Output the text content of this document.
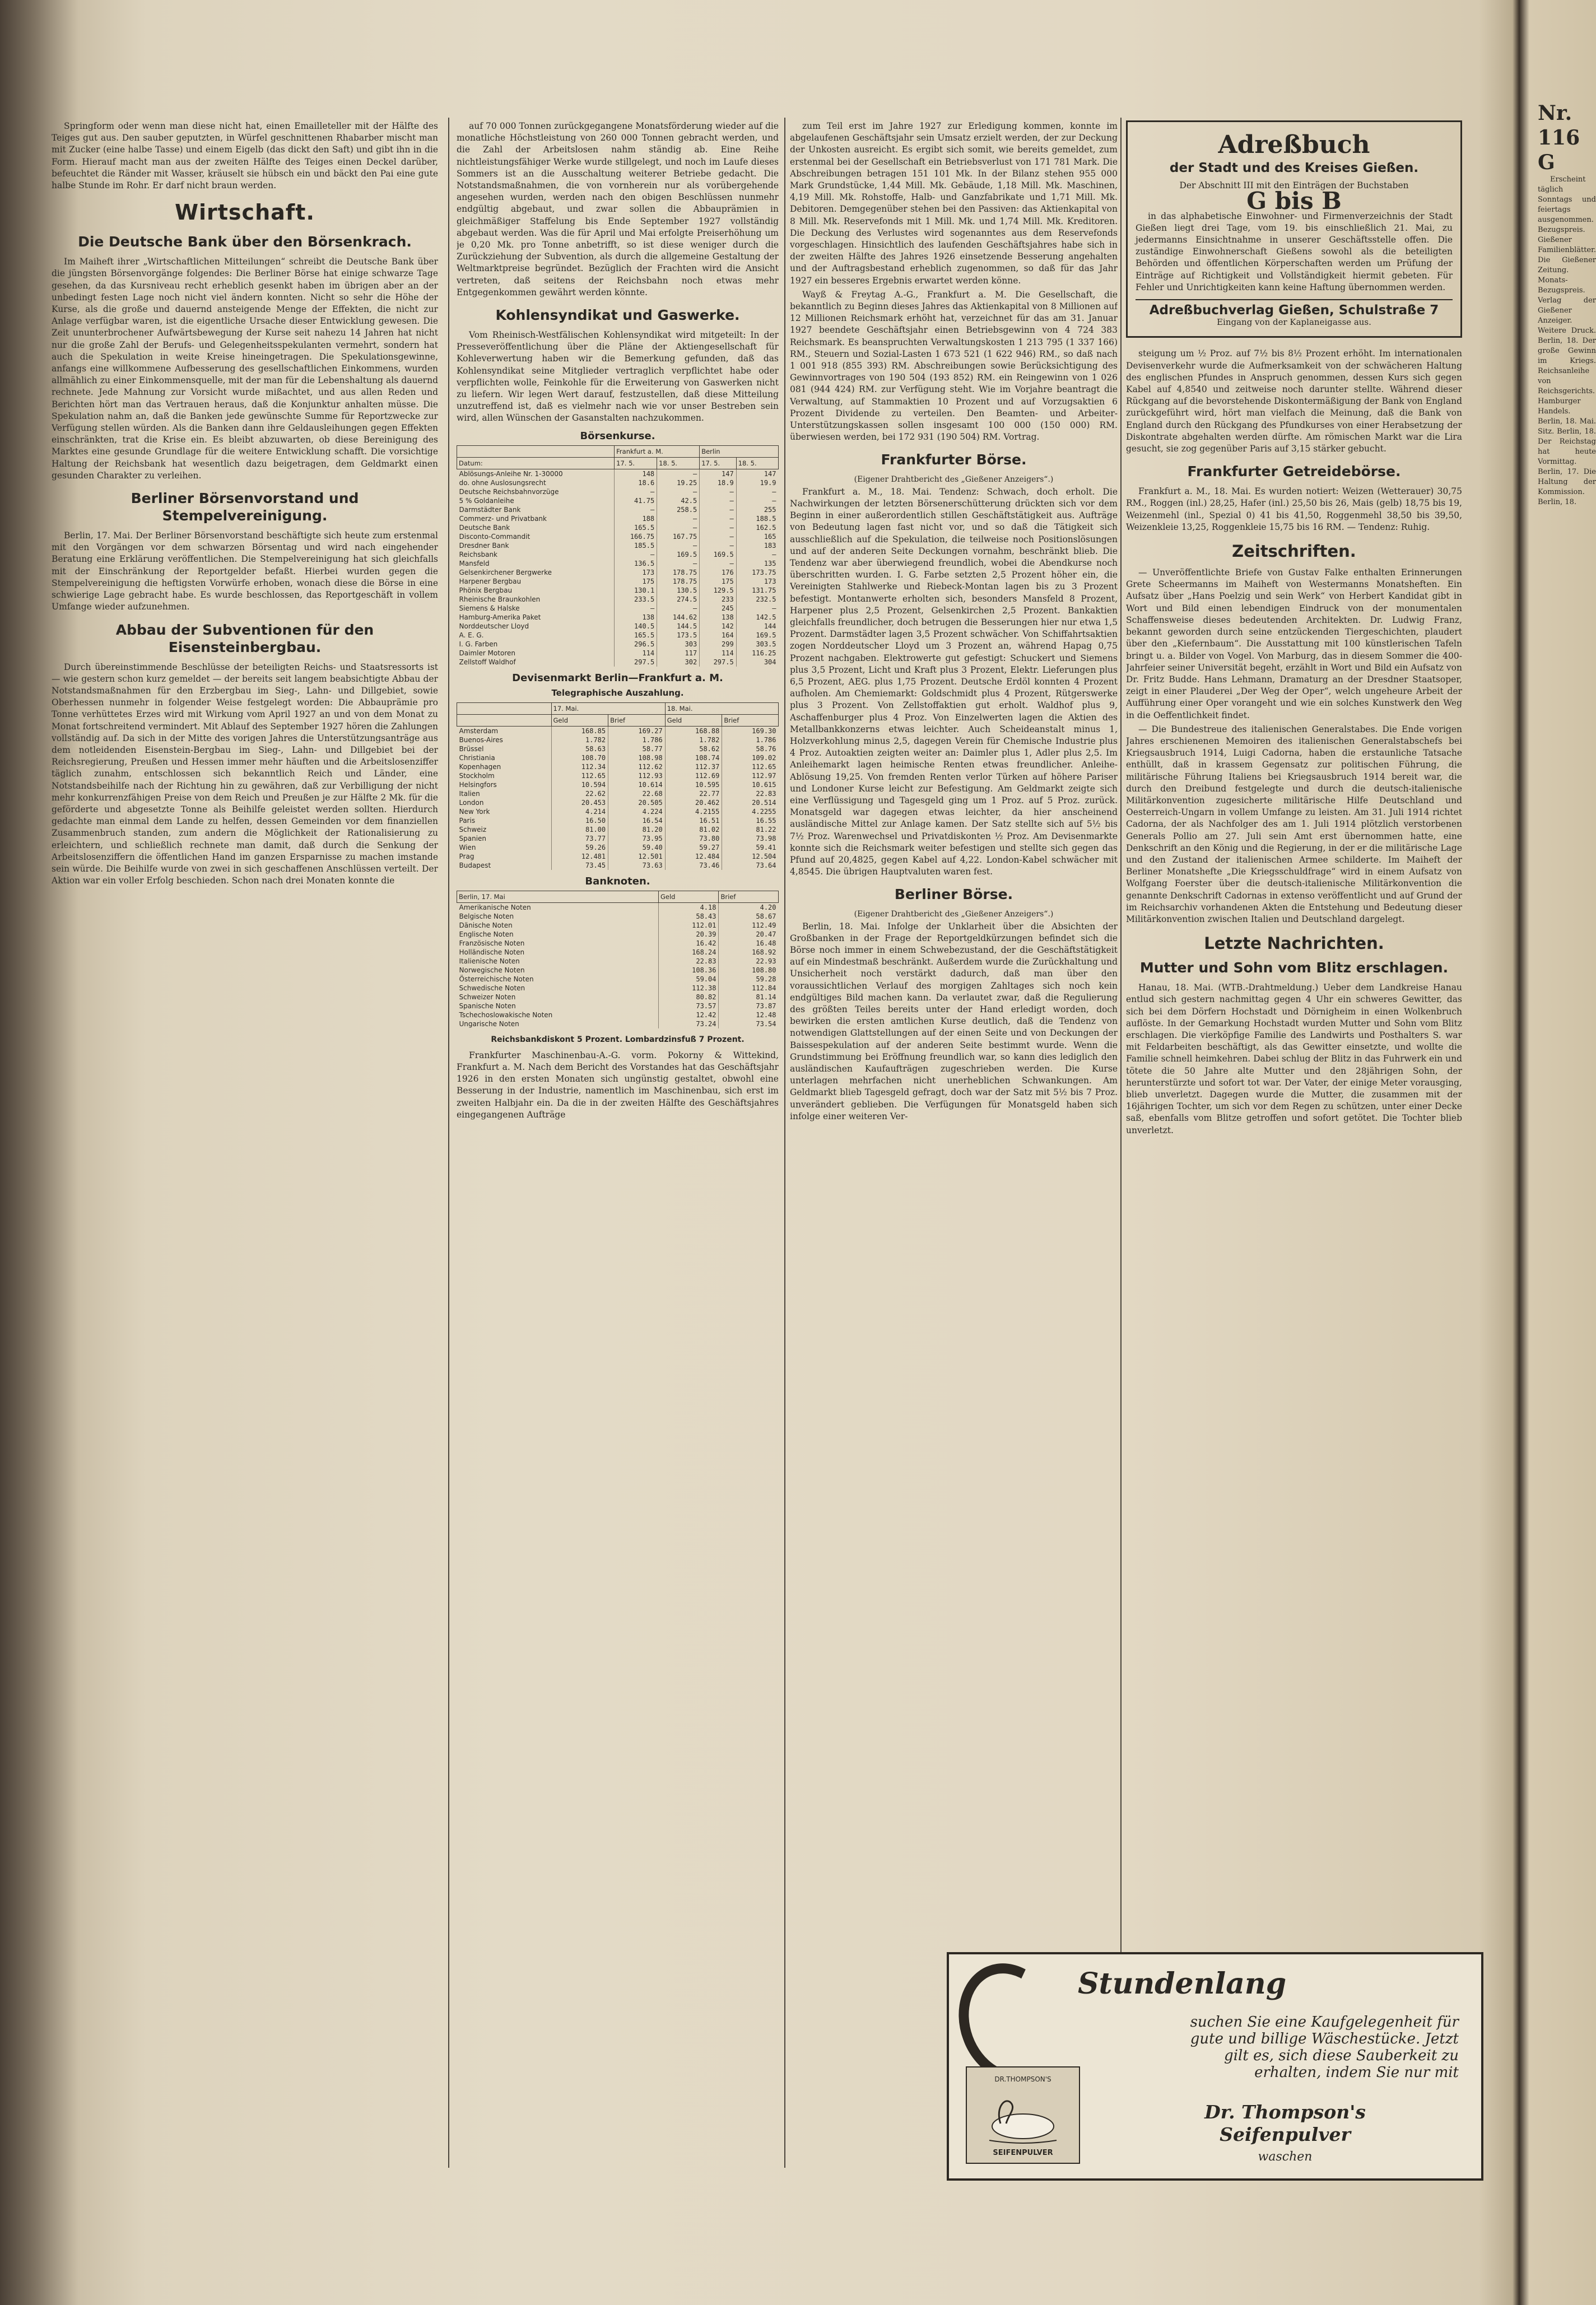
Springform oder wenn man diese nicht hat, einen Emailleteller mit der Hälfte des Teiges gut aus. Den sauber geputzten, in Würfel geschnittenen Rhabarber mischt man mit Zucker (eine halbe Tasse) und einem Eigelb (das dickt den Saft) und gibt ihn in die Form. Hierauf macht man aus der zweiten Hälfte des Teiges einen Deckel darüber, befeuchtet die Ränder mit Wasser, kräuselt sie hübsch ein und bäckt den Pai eine gute halbe Stunde im Rohr. Er darf nicht braun werden.

Wirtschaft.
Die Deutsche Bank über den Börsenkrach.

Im Maiheft ihrer „Wirtschaftlichen Mitteilungen“ schreibt die Deutsche Bank über die jüngsten Börsenvorgänge folgendes: Die Berliner Börse hat einige schwarze Tage gesehen, da das Kursniveau recht erheblich gesenkt haben im übrigen aber an der unbedingt festen Lage noch nicht viel ändern konnten. Nicht so sehr die Höhe der Kurse, als die große und dauernd ansteigende Menge der Effekten, die nicht zur Anlage verfügbar waren, ist die eigentliche Ursache dieser Entwicklung gewesen. Die Zeit ununterbrochener Aufwärtsbewegung der Kurse seit nahezu 14 Jahren hat nicht nur die große Zahl der Berufs- und Gelegenheitsspekulanten vermehrt, sondern hat auch die Spekulation in weite Kreise hineingetragen. Die Spekulationsgewinne, anfangs eine willkommene Aufbesserung des gesellschaftlichen Einkommens, wurden allmählich zu einer Einkommensquelle, mit der man für die Lebenshaltung als dauernd rechnete. Jede Mahnung zur Vorsicht wurde mißachtet, und aus allen Reden und Berichten hört man das Vertrauen heraus, daß die Konjunktur anhalten müsse. Die Spekulation nahm an, daß die Banken jede gewünschte Summe für Reportzwecke zur Verfügung stellen würden. Als die Banken dann ihre Geldausleihungen gegen Effekten einschränkten, trat die Krise ein. Es bleibt abzuwarten, ob diese Bereinigung des Marktes eine gesunde Grundlage für die weitere Entwicklung schafft. Die vorsichtige Haltung der Reichsbank hat wesentlich dazu beigetragen, dem Geldmarkt einen gesunden Charakter zu verleihen.

Berliner Börsenvorstand und Stempelvereinigung.

Berlin, 17. Mai. Der Berliner Börsenvorstand beschäftigte sich heute zum erstenmal mit den Vorgängen vor dem schwarzen Börsentag und wird nach eingehender Beratung eine Erklärung veröffentlichen. Die Stempelvereinigung hat sich gleichfalls mit der Einschränkung der Reportgelder befaßt. Hierbei wurden gegen die Stempelvereinigung die heftigsten Vorwürfe erhoben, wonach diese die Börse in eine schwierige Lage gebracht habe. Es wurde beschlossen, das Reportgeschäft in vollem Umfange wieder aufzunehmen.

Abbau der Subventionen für den Eisensteinbergbau.

Durch übereinstimmende Beschlüsse der beteiligten Reichs- und Staatsressorts ist — wie gestern schon kurz gemeldet — der bereits seit langem beabsichtigte Abbau der Notstandsmaßnahmen für den Erzbergbau im Sieg-, Lahn- und Dillgebiet, sowie Oberhessen nunmehr in folgender Weise festgelegt worden: Die Abbauprämie pro Tonne verhüttetes Erzes wird mit Wirkung vom April 1927 an und von dem Monat zu Monat fortschreitend vermindert. Mit Ablauf des September 1927 hören die Zahlungen vollständig auf. Da sich in der Mitte des vorigen Jahres die Unterstützungsanträge aus dem notleidenden Eisenstein-Bergbau im Sieg-, Lahn- und Dillgebiet bei der Reichsregierung, Preußen und Hessen immer mehr häuften und die Arbeitslosenziffer täglich zunahm, entschlossen sich bekanntlich Reich und Länder, eine Notstandsbeihilfe nach der Richtung hin zu gewähren, daß zur Verbilligung der nicht mehr konkurrenzfähigen Preise von dem Reich und Preußen je zur Hälfte 2 Mk. für die geförderte und abgesetzte Tonne als Beihilfe geleistet werden sollten. Hierdurch gedachte man einmal dem Lande zu helfen, dessen Gemeinden vor dem finanziellen Zusammenbruch standen, zum andern die Möglichkeit der Rationalisierung zu erleichtern, und schließlich rechnete man damit, daß durch die Senkung der Arbeitslosenziffern die öffentlichen Hand im ganzen Ersparnisse zu machen imstande sein würde. Die Beihilfe wurde von zwei in sich geschaffenen Anschlüssen verteilt. Der Aktion war ein voller Erfolg beschieden. Schon nach drei Monaten konnte die

auf 70 000 Tonnen zurückgegangene Monatsförderung wieder auf die monatliche Höchstleistung von 260 000 Tonnen gebracht werden, und die Zahl der Arbeitslosen nahm ständig ab. Eine Reihe nichtleistungsfähiger Werke wurde stillgelegt, und noch im Laufe dieses Sommers ist an die Ausschaltung weiterer Betriebe gedacht. Die Notstandsmaßnahmen, die von vornherein nur als vorübergehende angesehen wurden, werden nach den obigen Beschlüssen nunmehr endgültig abgebaut, und zwar sollen die Abbauprämien in gleichmäßiger Staffelung bis Ende September 1927 vollständig abgebaut werden. Was die für April und Mai erfolgte Preiserhöhung um je 0,20 Mk. pro Tonne anbetrifft, so ist diese weniger durch die Zurückziehung der Subvention, als durch die allgemeine Gestaltung der Weltmarktpreise begründet. Bezüglich der Frachten wird die Ansicht vertreten, daß seitens der Reichsbahn noch etwas mehr Entgegenkommen gewährt werden könnte.

Kohlensyndikat und Gaswerke.

Vom Rheinisch-Westfälischen Kohlensyndikat wird mitgeteilt: In der Presseveröffentlichung über die Pläne der Aktiengesellschaft für Kohleverwertung haben wir die Bemerkung gefunden, daß das Kohlensyndikat seine Mitglieder vertraglich verpflichtet habe oder verpflichten wolle, Feinkohle für die Erweiterung von Gaswerken nicht zu liefern. Wir legen Wert darauf, festzustellen, daß diese Mitteilung unzutreffend ist, daß es vielmehr nach wie vor unser Bestreben sein wird, allen Wünschen der Gasanstalten nachzukommen.

Börsenkurse.
	Frankfurt a. M.		Berlin	
Datum:	17. 5.	18. 5.	17. 5.	18. 5.
Ablösungs-Anleihe Nr. 1-30000	148	—	147	147
do. ohne Auslosungsrecht	18.6	19.25	18.9	19.9
Deutsche Reichsbahnvorzüge	—	—	—	—
5 % Goldanleihe	41.75	42.5	—	—
Darmstädter Bank	—	258.5	—	255
Commerz- und Privatbank	188	—	—	188.5
Deutsche Bank	165.5	—	—	162.5
Disconto-Commandit	166.75	167.75	—	165
Dresdner Bank	185.5	—	—	183
Reichsbank	—	169.5	169.5	—
Mansfeld	136.5	—	—	135
Gelsenkirchener Bergwerke	173	178.75	176	173.75
Harpener Bergbau	175	178.75	175	173
Phönix Bergbau	130.1	130.5	129.5	131.75
Rheinische Braunkohlen	233.5	274.5	233	232.5
Siemens & Halske	—	—	245	—
Hamburg-Amerika Paket	138	144.62	138	142.5
Norddeutscher Lloyd	140.5	144.5	142	144
A. E. G.	165.5	173.5	164	169.5
I. G. Farben	296.5	303	299	303.5
Daimler Motoren	114	117	114	116.25
Zellstoff Waldhof	297.5	302	297.5	304
Devisenmarkt Berlin—Frankfurt a. M.
Telegraphische Auszahlung.
	17. Mai.		18. Mai.	
	Geld	Brief	Geld	Brief
Amsterdam	168.85	169.27	168.88	169.30
Buenos-Aires	1.782	1.786	1.782	1.786
Brüssel	58.63	58.77	58.62	58.76
Christiania	108.70	108.98	108.74	109.02
Kopenhagen	112.34	112.62	112.37	112.65
Stockholm	112.65	112.93	112.69	112.97
Helsingfors	10.594	10.614	10.595	10.615
Italien	22.62	22.68	22.77	22.83
London	20.453	20.505	20.462	20.514
New York	4.214	4.224	4.2155	4.2255
Paris	16.50	16.54	16.51	16.55
Schweiz	81.00	81.20	81.02	81.22
Spanien	73.77	73.95	73.80	73.98
Wien	59.26	59.40	59.27	59.41
Prag	12.481	12.501	12.484	12.504
Budapest	73.45	73.63	73.46	73.64
Banknoten.
Berlin, 17. Mai	Geld	Brief
Amerikanische Noten	4.18	4.20
Belgische Noten	58.43	58.67
Dänische Noten	112.01	112.49
Englische Noten	20.39	20.47
Französische Noten	16.42	16.48
Holländische Noten	168.24	168.92
Italienische Noten	22.83	22.93
Norwegische Noten	108.36	108.80
Österreichische Noten	59.04	59.28
Schwedische Noten	112.38	112.84
Schweizer Noten	80.82	81.14
Spanische Noten	73.57	73.87
Tschechoslowakische Noten	12.42	12.48
Ungarische Noten	73.24	73.54
Reichsbankdiskont 5 Prozent. Lombardzinsfuß 7 Prozent.

Frankfurter Maschinenbau-A.-G. vorm. Pokorny & Wittekind, Frankfurt a. M. Nach dem Bericht des Vorstandes hat das Geschäftsjahr 1926 in den ersten Monaten sich ungünstig gestaltet, obwohl eine Besserung in der Industrie, namentlich im Maschinenbau, sich erst im zweiten Halbjahr ein. Da die in der zweiten Hälfte des Geschäftsjahres eingegangenen Aufträge

zum Teil erst im Jahre 1927 zur Erledigung kommen, konnte im abgelaufenen Geschäftsjahr sein Umsatz erzielt werden, der zur Deckung der Unkosten ausreicht. Es ergibt sich somit, wie bereits gemeldet, zum erstenmal bei der Gesellschaft ein Betriebsverlust von 171 781 Mark. Die Abschreibungen betragen 151 101 Mk. In der Bilanz stehen 955 000 Mark Grundstücke, 1,44 Mill. Mk. Gebäude, 1,18 Mill. Mk. Maschinen, 4,19 Mill. Mk. Rohstoffe, Halb- und Ganzfabrikate und 1,71 Mill. Mk. Debitoren. Demgegenüber stehen bei den Passiven: das Aktienkapital von 8 Mill. Mk. Reservefonds mit 1 Mill. Mk. und 1,74 Mill. Mk. Kreditoren. Die Deckung des Verlustes wird sogenanntes aus dem Reservefonds vorgeschlagen. Hinsichtlich des laufenden Geschäftsjahres habe sich in der zweiten Hälfte des Jahres 1926 einsetzende Besserung angehalten und der Auftragsbestand erheblich zugenommen, so daß für das Jahr 1927 ein besseres Ergebnis erwartet werden könne.

Wayß & Freytag A.-G., Frankfurt a. M. Die Gesellschaft, die bekanntlich zu Beginn dieses Jahres das Aktienkapital von 8 Millionen auf 12 Millionen Reichsmark erhöht hat, verzeichnet für das am 31. Januar 1927 beendete Geschäftsjahr einen Betriebsgewinn von 4 724 383 Reichsmark. Es beanspruchten Verwaltungskosten 1 213 795 (1 337 166) RM., Steuern und Sozial-Lasten 1 673 521 (1 622 946) RM., so daß nach 1 001 918 (855 393) RM. Abschreibungen sowie Berücksichtigung des Gewinnvortrages von 190 504 (193 852) RM. ein Reingewinn von 1 026 081 (944 424) RM. zur Verfügung steht. Wie im Vorjahre beantragt die Verwaltung, auf Stammaktien 10 Prozent und auf Vorzugsaktien 6 Prozent Dividende zu verteilen. Den Beamten- und Arbeiter-Unterstützungskassen sollen insgesamt 100 000 (150 000) RM. überwiesen werden, bei 172 931 (190 504) RM. Vortrag.

Frankfurter Börse.
(Eigener Drahtbericht des „Gießener Anzeigers“.)

Frankfurt a. M., 18. Mai. Tendenz: Schwach, doch erholt. Die Nachwirkungen der letzten Börsenerschütterung drückten sich vor dem Beginn in einer außerordentlich stillen Geschäftstätigkeit aus. Aufträge von Bedeutung lagen fast nicht vor, und so daß die Tätigkeit sich ausschließlich auf die Spekulation, die teilweise noch Positionslösungen und auf der anderen Seite Deckungen vornahm, beschränkt blieb. Die Tendenz war aber überwiegend freundlich, wobei die Abendkurse noch überschritten wurden. I. G. Farbe setzten 2,5 Prozent höher ein, die Vereinigten Stahlwerke und Riebeck-Montan lagen bis zu 3 Prozent befestigt. Montanwerte erholten sich, besonders Mansfeld 8 Prozent, Harpener plus 2,5 Prozent, Gelsenkirchen 2,5 Prozent. Bankaktien gleichfalls freundlicher, doch betrugen die Besserungen hier nur etwa 1,5 Prozent. Darmstädter lagen 3,5 Prozent schwächer. Von Schiffahrtsaktien zogen Norddeutscher Lloyd um 3 Prozent an, während Hapag 0,75 Prozent nachgaben. Elektrowerte gut gefestigt: Schuckert und Siemens plus 3,5 Prozent, Licht und Kraft plus 3 Prozent, Elektr. Lieferungen plus 6,5 Prozent, AEG. plus 1,75 Prozent. Deutsche Erdöl konnten 4 Prozent aufholen. Am Chemiemarkt: Goldschmidt plus 4 Prozent, Rütgerswerke plus 3 Prozent. Von Zellstoffaktien gut erholt. Waldhof plus 9, Aschaffenburger plus 4 Proz. Von Einzelwerten lagen die Aktien des Metallbankkonzerns etwas leichter. Auch Scheideanstalt minus 1, Holzverkohlung minus 2,5, dagegen Verein für Chemische Industrie plus 4 Proz. Autoaktien zeigten weiter an: Daimler plus 1, Adler plus 2,5. Im Anleihemarkt lagen heimische Renten etwas freundlicher. Anleihe-Ablösung 19,25. Von fremden Renten verlor Türken auf höhere Pariser und Londoner Kurse leicht zur Befestigung. Am Geldmarkt zeigte sich eine Verflüssigung und Tagesgeld ging um 1 Proz. auf 5 Proz. zurück. Monatsgeld war dagegen etwas leichter, da hier anscheinend ausländische Mittel zur Anlage kamen. Der Satz stellte sich auf 5½ bis 7½ Proz. Warenwechsel und Privatdiskonten ½ Proz. Am Devisenmarkte konnte sich die Reichsmark weiter befestigen und stellte sich gegen das Pfund auf 20,4825, gegen Kabel auf 4,22. London-Kabel schwächer mit 4,8545. Die übrigen Hauptvaluten waren fest.

Berliner Börse.
(Eigener Drahtbericht des „Gießener Anzeigers“.)

Berlin, 18. Mai. Infolge der Unklarheit über die Absichten der Großbanken in der Frage der Reportgeldkürzungen befindet sich die Börse noch immer in einem Schwebezustand, der die Geschäftstätigkeit auf ein Mindestmaß beschränkt. Außerdem wurde die Zurückhaltung und Unsicherheit noch verstärkt dadurch, daß man über den voraussichtlichen Verlauf des morgigen Zahltages sich noch kein endgültiges Bild machen kann. Da verlautet zwar, daß die Regulierung des größten Teiles bereits unter der Hand erledigt worden, doch bewirken die ersten amtlichen Kurse deutlich, daß die Tendenz von notwendigen Glattstellungen auf der einen Seite und von Deckungen der Baissespekulation auf der anderen Seite bestimmt wurde. Wenn die Grundstimmung bei Eröffnung freundlich war, so kann dies lediglich den ausländischen Kaufaufträgen zugeschrieben werden. Die Kurse unterlagen mehrfachen nicht unerheblichen Schwankungen. Am Geldmarkt blieb Tagesgeld gefragt, doch war der Satz mit 5½ bis 7 Proz. unverändert geblieben. Die Verfügungen für Monatsgeld haben sich infolge einer weiteren Ver-

Adreßbuch
der Stadt und des Kreises Gießen.
Der Abschnitt III mit den Einträgen der Buchstaben
G bis B

in das alphabetische Einwohner- und Firmenverzeichnis der Stadt Gießen liegt drei Tage, vom 19. bis einschließlich 21. Mai, zu jedermanns Einsichtnahme in unserer Geschäftsstelle offen. Die zuständige Einwohnerschaft Gießens sowohl als die beteiligten Behörden und öffentlichen Körperschaften werden um Prüfung der Einträge auf Richtigkeit und Vollständigkeit hiermit gebeten. Für Fehler und Unrichtigkeiten kann keine Haftung übernommen werden.

Adreßbuchverlag Gießen, Schulstraße 7
Eingang von der Kaplaneigasse aus.

steigung um ½ Proz. auf 7½ bis 8½ Prozent erhöht. Im internationalen Devisenverkehr wurde die Aufmerksamkeit von der schwächeren Haltung des englischen Pfundes in Anspruch genommen, dessen Kurs sich gegen Kabel auf 4,8540 und zeitweise noch darunter stellte. Während dieser Rückgang auf die bevorstehende Diskontermäßigung der Bank von England zurückgeführt wird, hört man vielfach die Meinung, daß die Bank von England durch den Rückgang des Pfundkurses von einer Herabsetzung der Diskontrate abgehalten werden dürfte. Am römischen Markt war die Lira gesucht, sie zog gegenüber Paris auf 3,15 stärker gebucht.

Frankfurter Getreidebörse.

Frankfurt a. M., 18. Mai. Es wurden notiert: Weizen (Wetterauer) 30,75 RM., Roggen (inl.) 28,25, Hafer (inl.) 25,50 bis 26, Mais (gelb) 18,75 bis 19, Weizenmehl (inl., Spezial 0) 41 bis 41,50, Roggenmehl 38,50 bis 39,50, Weizenkleie 13,25, Roggenkleie 15,75 bis 16 RM. — Tendenz: Ruhig.

Zeitschriften.

— Unveröffentlichte Briefe von Gustav Falke enthalten Erinnerungen Grete Scheermanns im Maiheft von Westermanns Monatsheften. Ein Aufsatz über „Hans Poelzig und sein Werk“ von Herbert Kandidat gibt in Wort und Bild einen lebendigen Eindruck von der monumentalen Schaffensweise dieses bedeutenden Architekten. Dr. Ludwig Franz, bekannt geworden durch seine entzückenden Tiergeschichten, plaudert über den „Kiefernbaum“. Die Ausstattung mit 100 künstlerischen Tafeln bringt u. a. Bilder von Vogel. Von Marburg, das in diesem Sommer die 400-Jahrfeier seiner Universität begeht, erzählt in Wort und Bild ein Aufsatz von Dr. Fritz Budde. Hans Lehmann, Dramaturg an der Dresdner Staatsoper, zeigt in einer Plauderei „Der Weg der Oper“, welch ungeheure Arbeit der Aufführung einer Oper vorangeht und wie ein solches Kunstwerk den Weg in die Oeffentlichkeit findet.

— Die Bundestreue des italienischen Generalstabes. Die Ende vorigen Jahres erschienenen Memoiren des italienischen Generalstabschefs bei Kriegsausbruch 1914, Luigi Cadorna, haben die erstaunliche Tatsache enthüllt, daß in krassem Gegensatz zur politischen Führung, die militärische Führung Italiens bei Kriegsausbruch 1914 bereit war, die durch den Dreibund festgelegte und durch die deutsch-italienische Militärkonvention zugesicherte militärische Hilfe Deutschland und Oesterreich-Ungarn in vollem Umfange zu leisten. Am 31. Juli 1914 richtet Cadorna, der als Nachfolger des am 1. Juli 1914 plötzlich verstorbenen Generals Pollio am 27. Juli sein Amt erst übernommen hatte, eine Denkschrift an den König und die Regierung, in der er die militärische Lage und den Zustand der italienischen Armee schilderte. Im Maiheft der Berliner Monatshefte „Die Kriegsschuldfrage“ wird in einem Aufsatz von Wolfgang Foerster über die deutsch-italienische Militärkonvention die genannte Denkschrift Cadornas in extenso veröffentlicht und auf Grund der im Reichsarchiv vorhandenen Akten die Entstehung und Bedeutung dieser Militärkonvention zwischen Italien und Deutschland dargelegt.

Letzte Nachrichten.
Mutter und Sohn vom Blitz erschlagen.

Hanau, 18. Mai. (WTB.-Drahtmeldung.) Ueber dem Landkreise Hanau entlud sich gestern nachmittag gegen 4 Uhr ein schweres Gewitter, das sich bei dem Dörfern Hochstadt und Dörnigheim in einen Wolkenbruch auflöste. In der Gemarkung Hochstadt wurden Mutter und Sohn vom Blitz erschlagen. Die vierköpfige Familie des Landwirts und Posthalters S. war mit Feldarbeiten beschäftigt, als das Gewitter einsetzte, und wollte die Familie schnell heimkehren. Dabei schlug der Blitz in das Fuhrwerk ein und tötete die 50 Jahre alte Mutter und den 28jährigen Sohn, der herunterstürzte und sofort tot war. Der Vater, der einige Meter vorausging, blieb unverletzt. Dagegen wurde die Mutter, die zusammen mit der 16jährigen Tochter, um sich vor dem Regen zu schützen, unter einer Decke saß, ebenfalls vom Blitze getroffen und sofort getötet. Die Tochter blieb unverletzt.

Nr. 116 G

Erscheint täglich Sonntags und feiertags ausgenommen. Bezugspreis. Gießener Familienblätter. Die Gießener Zeitung. Monats-Bezugspreis. Verlag der Gießener Anzeiger. Weitere Druck. Berlin, 18. Der große Gewinn im Kriegs. Reichsanleihe von Reichsgerichts. Hamburger Handels. Berlin, 18. Mai. Sitz. Berlin, 18. Der Reichstag hat heute Vormittag. Berlin, 17. Die Haltung der Kommission. Berlin, 18.

Stundenlang
suchen Sie eine Kaufgelegenheit für gute und billige Wäschestücke. Jetzt gilt es, sich diese Sauberkeit zu erhalten, indem Sie nur mit
Dr. Thompson's Seifenpulver
waschen
DR.THOMPSON'S
SEIFENPULVER
